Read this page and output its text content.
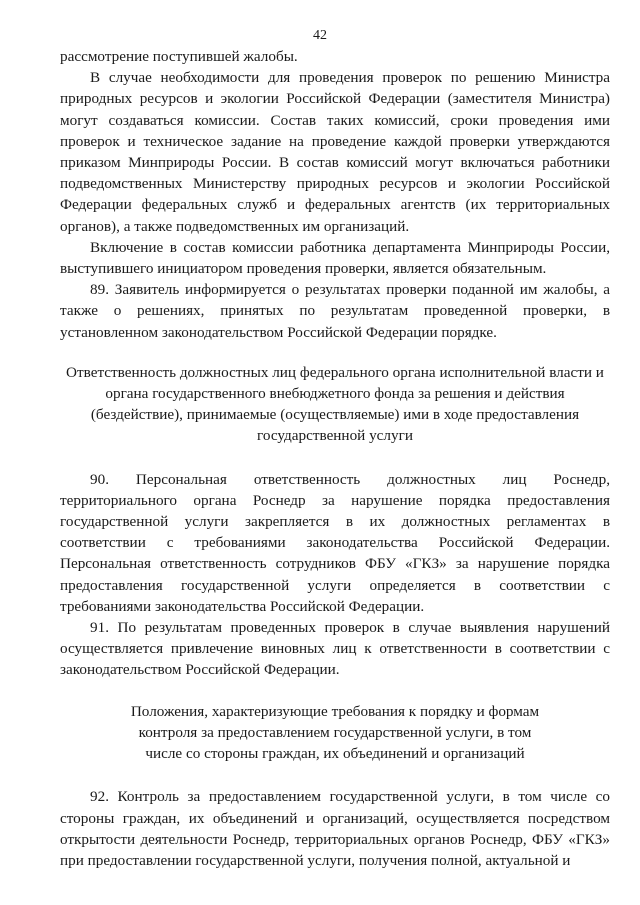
42

рассмотрение поступившей жалобы.

В случае необходимости для проведения проверок по решению Министра природных ресурсов и экологии Российской Федерации (заместителя Министра) могут создаваться комиссии. Состав таких комиссий, сроки проведения ими проверок и техническое задание на проведение каждой проверки утверждаются приказом Минприроды России. В состав комиссий могут включаться работники подведомственных Министерству природных ресурсов и экологии Российской Федерации федеральных служб и федеральных агентств (их территориальных органов), а также подведомственных им организаций.

Включение в состав комиссии работника департамента Минприроды России, выступившего инициатором проведения проверки, является обязательным.

89. Заявитель информируется о результатах проверки поданной им жалобы, а также о решениях, принятых по результатам проведенной проверки, в установленном законодательством Российской Федерации порядке.

Ответственность должностных лиц федерального органа исполнительной власти и органа государственного внебюджетного фонда за решения и действия (бездействие), принимаемые (осуществляемые) ими в ходе предоставления государственной услуги

90. Персональная ответственность должностных лиц Роснедр, территориального органа Роснедр за нарушение порядка предоставления государственной услуги закрепляется в их должностных регламентах в соответствии с требованиями законодательства Российской Федерации. Персональная ответственность сотрудников ФБУ «ГКЗ» за нарушение порядка предоставления государственной услуги определяется в соответствии с требованиями законодательства Российской Федерации.

91. По результатам проведенных проверок в случае выявления нарушений осуществляется привлечение виновных лиц к ответственности в соответствии с законодательством Российской Федерации.

Положения, характеризующие требования к порядку и формам контроля за предоставлением государственной услуги, в том числе со стороны граждан, их объединений и организаций

92. Контроль за предоставлением государственной услуги, в том числе со стороны граждан, их объединений и организаций, осуществляется посредством открытости деятельности Роснедр, территориальных органов Роснедр, ФБУ «ГКЗ» при предоставлении государственной услуги, получения полной, актуальной и
